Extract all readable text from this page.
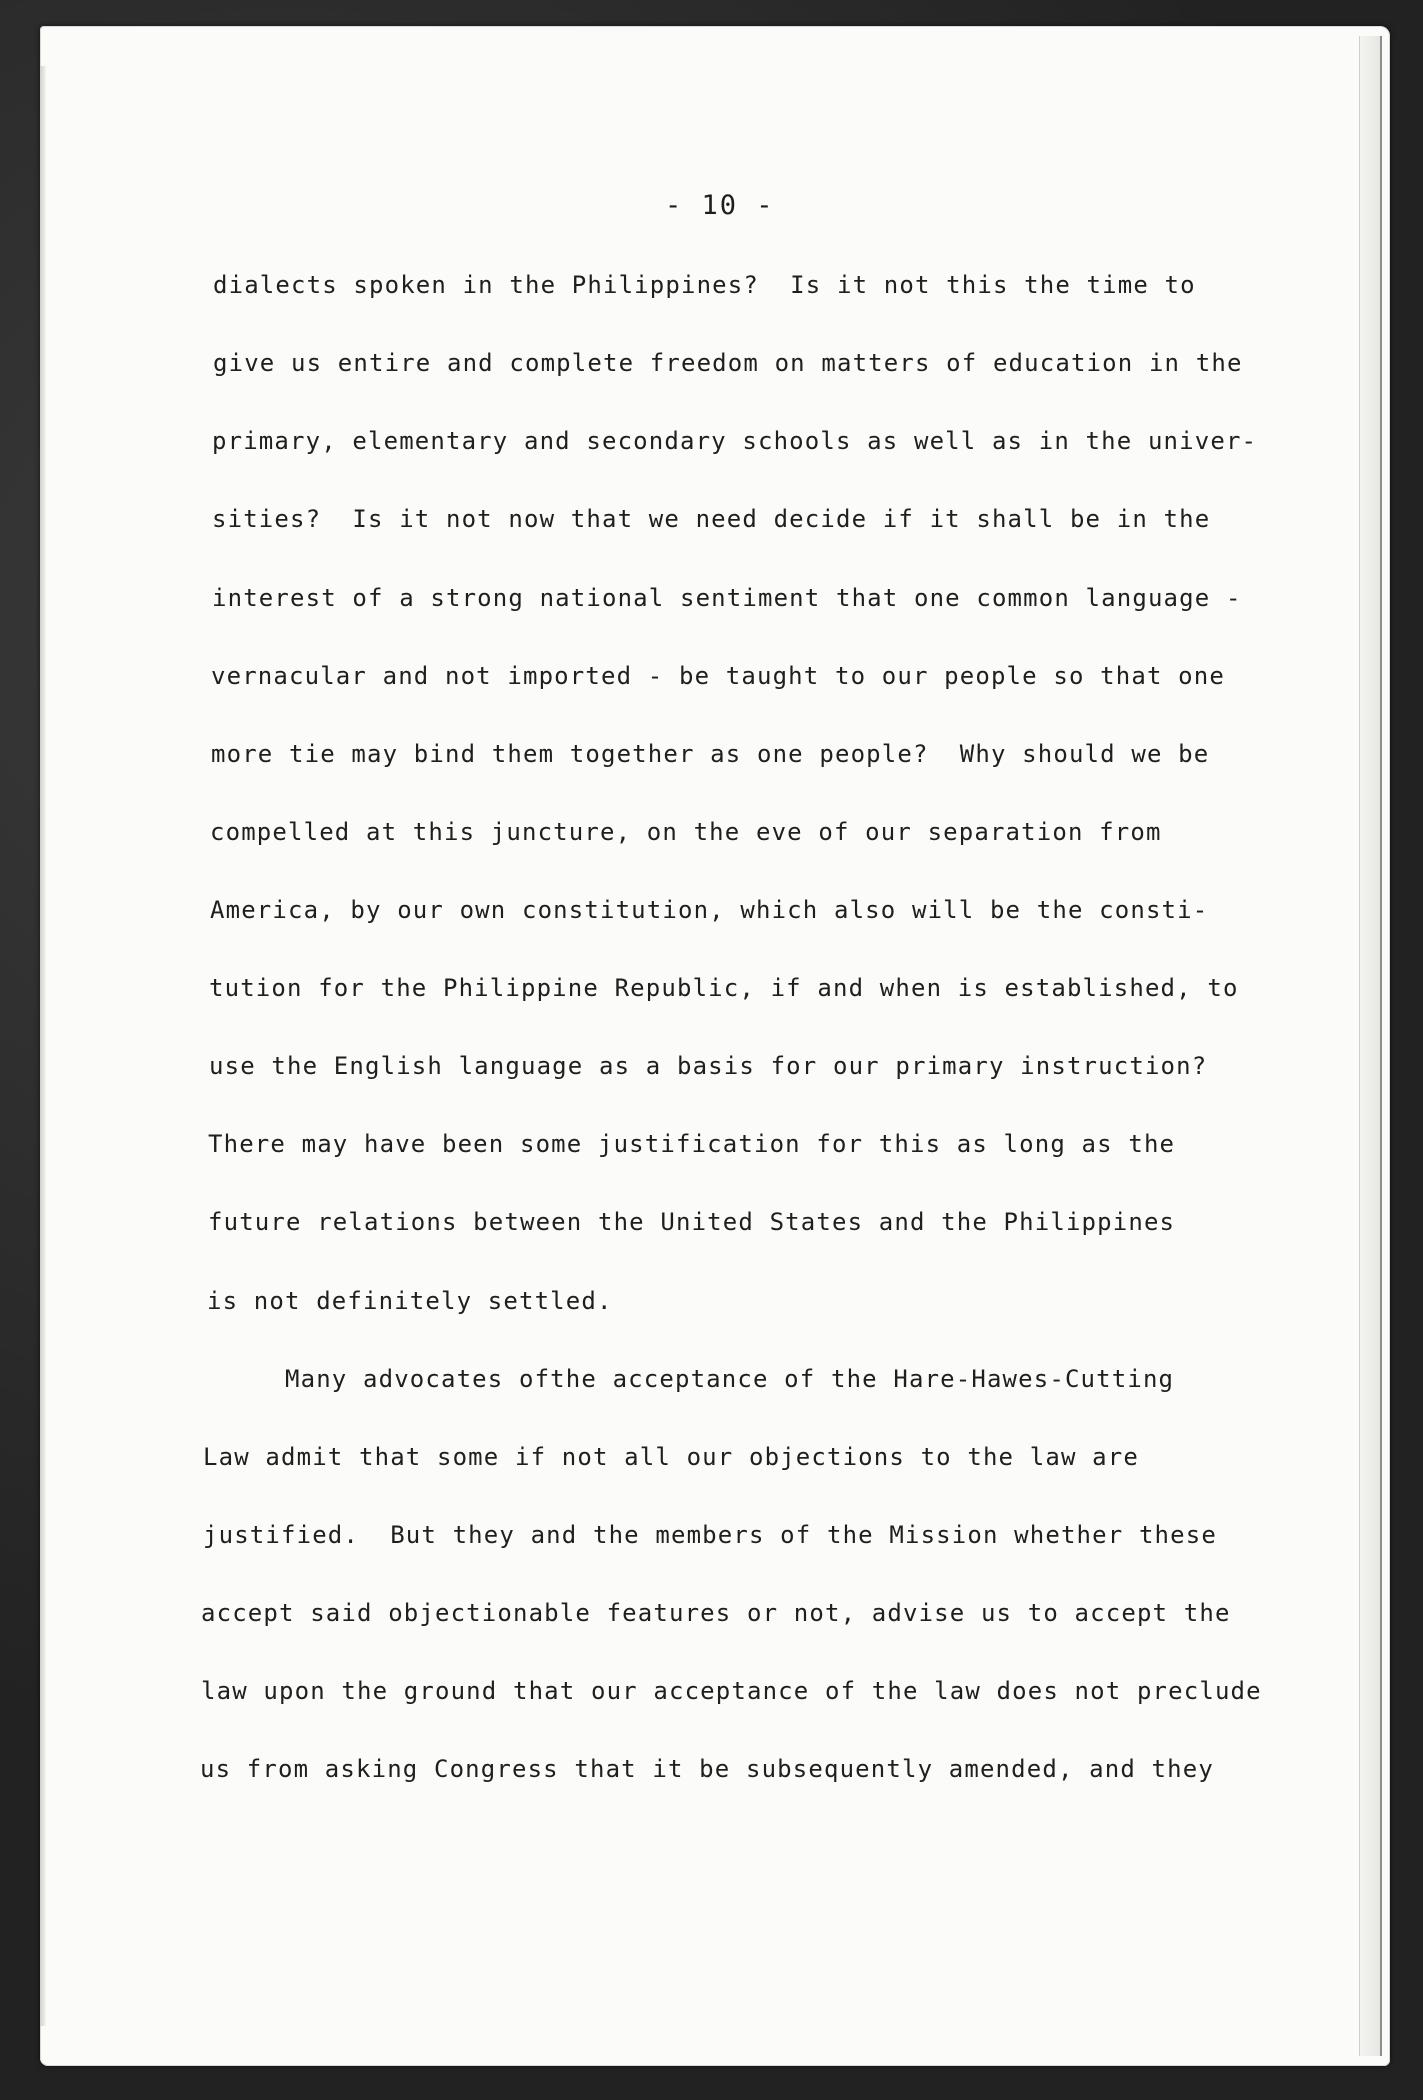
- 10 -
dialects spoken in the Philippines?  Is it not this the time to
give us entire and complete freedom on matters of education in the
primary, elementary and secondary schools as well as in the univer-
sities?  Is it not now that we need decide if it shall be in the
interest of a strong national sentiment that one common language -
vernacular and not imported - be taught to our people so that one
more tie may bind them together as one people?  Why should we be
compelled at this juncture, on the eve of our separation from
America, by our own constitution, which also will be the consti-
tution for the Philippine Republic, if and when is established, to
use the English language as a basis for our primary instruction?
There may have been some justification for this as long as the
future relations between the United States and the Philippines
is not definitely settled.
Many advocates ofthe acceptance of the Hare-Hawes-Cutting
Law admit that some if not all our objections to the law are
justified.  But they and the members of the Mission whether these
accept said objectionable features or not, advise us to accept the
law upon the ground that our acceptance of the law does not preclude
us from asking Congress that it be subsequently amended, and they
